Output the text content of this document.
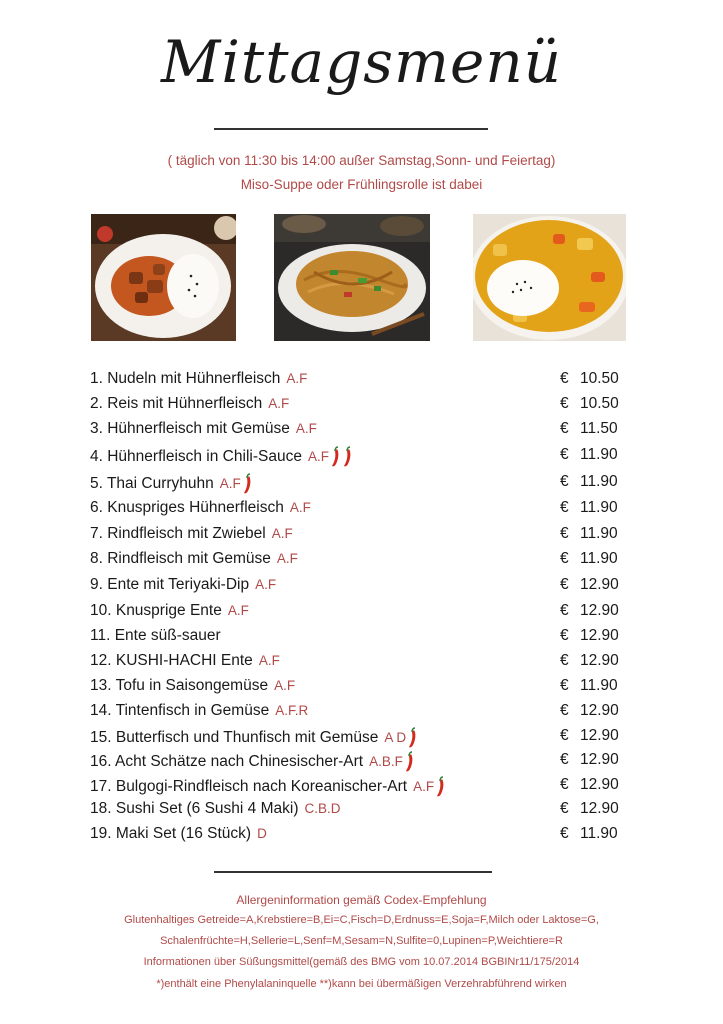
Mittagsmenü
( täglich von 11:30 bis 14:00 außer Samstag,Sonn- und Feiertag)
Miso-Suppe oder Frühlingsrolle ist dabei
1. Nudeln mit Hühnerfleisch A.F	€ 10.50
2. Reis mit Hühnerfleisch A.F	€ 10.50
3. Hühnerfleisch mit Gemüse A.F	€ 11.50
4. Hühnerfleisch in Chili-Sauce A.F	€ 11.90
5. Thai Curryhuhn A.F	€ 11.90
6. Knuspriges Hühnerfleisch A.F	€ 11.90
7. Rindfleisch mit Zwiebel A.F	€ 11.90
8. Rindfleisch mit Gemüse A.F	€ 11.90
9. Ente mit Teriyaki-Dip A.F	€ 12.90
10. Knusprige Ente A.F	€ 12.90
11. Ente süß-sauer	€ 12.90
12. KUSHI-HACHI Ente A.F	€ 12.90
13. Tofu in Saisongemüse A.F	€ 11.90
14. Tintenfisch in Gemüse A.F.R	€ 12.90
15. Butterfisch und Thunfisch mit Gemüse A D	€ 12.90
16. Acht Schätze nach Chinesischer-Art A.B.F	€ 12.90
17. Bulgogi-Rindfleisch nach Koreanischer-Art A.F	€ 12.90
18. Sushi Set (6 Sushi 4 Maki) C.B.D	€ 12.90
19. Maki Set (16 Stück) D	€ 11.90
Allergeninformation gemäß Codex-Empfehlung
Glutenhaltiges Getreide=A,Krebstiere=B,Ei=C,Fisch=D,Erdnuss=E,Soja=F,Milch oder Laktose=G,
Schalenfrüchte=H,Sellerie=L,Senf=M,Sesam=N,Sulfite=0,Lupinen=P,Weichtiere=R
Informationen über Süßungsmittel(gemäß des BMG vom 10.07.2014 BGBINr11/175/2014
*)enthält eine Phenylalaninquelle **)kann bei übermäßigen Verzehrabführend wirken
